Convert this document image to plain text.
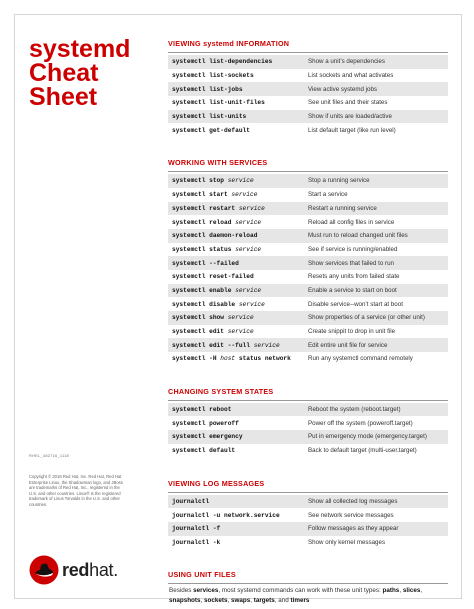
systemd
Cheat
Sheet
RHEL_482716_1118
Copyright © 2018 Red Hat, Inc. Red Hat, Red Hat Enterprise Linux, the Shadowman logo, and JBoss are trademarks of Red Hat, Inc., registered in the U.S. and other countries. Linux® is the registered trademark of Linus Torvalds in the U.S. and other countries.
redhat.
VIEWING systemd INFORMATION
systemctl list-dependencies	Show a unit’s dependencies
systemctl list-sockets	List sockets and what activates
systemctl list-jobs	View active systemd jobs
systemctl list-unit-files	See unit files and their states
systemctl list-units	Show if units are loaded/active
systemctl get-default	List default target (like run level)
WORKING WITH SERVICES
systemctl stop service	Stop a running service
systemctl start service	Start a service
systemctl restart service	Restart a running service
systemctl reload service	Reload all config files in service
systemctl daemon-reload	Must run to reload changed unit files
systemctl status service	See if service is running/enabled
systemctl --failed	Show services that failed to run
systemctl reset-failed	Resets any units from failed state
systemctl enable service	Enable a service to start on boot
systemctl disable service	Disable service--won’t start at boot
systemctl show service	Show properties of a service (or other unit)
systemctl edit service	Create snippit to drop in unit file
systemctl edit --full service	Edit entire unit file for service
systemctl -H host status network	Run any systemctl command remotely
CHANGING SYSTEM STATES
systemctl reboot	Reboot the system (reboot.target)
systemctl poweroff	Power off the system (poweroff.target)
systemctl emergency	Put in emergency mode (emergency.target)
systemctl default	Back to default target (multi-user.target)
VIEWING LOG MESSAGES
journalctl	Show all collected log messages
journalctl -u network.service	See network service messages
journalctl -f	Follow messages as they appear
journalctl -k	Show only kernel messages
USING UNIT FILES
Besides services, most systemd commands can work with these unit types: paths, slices, snapshots, sockets, swaps, targets, and timers
